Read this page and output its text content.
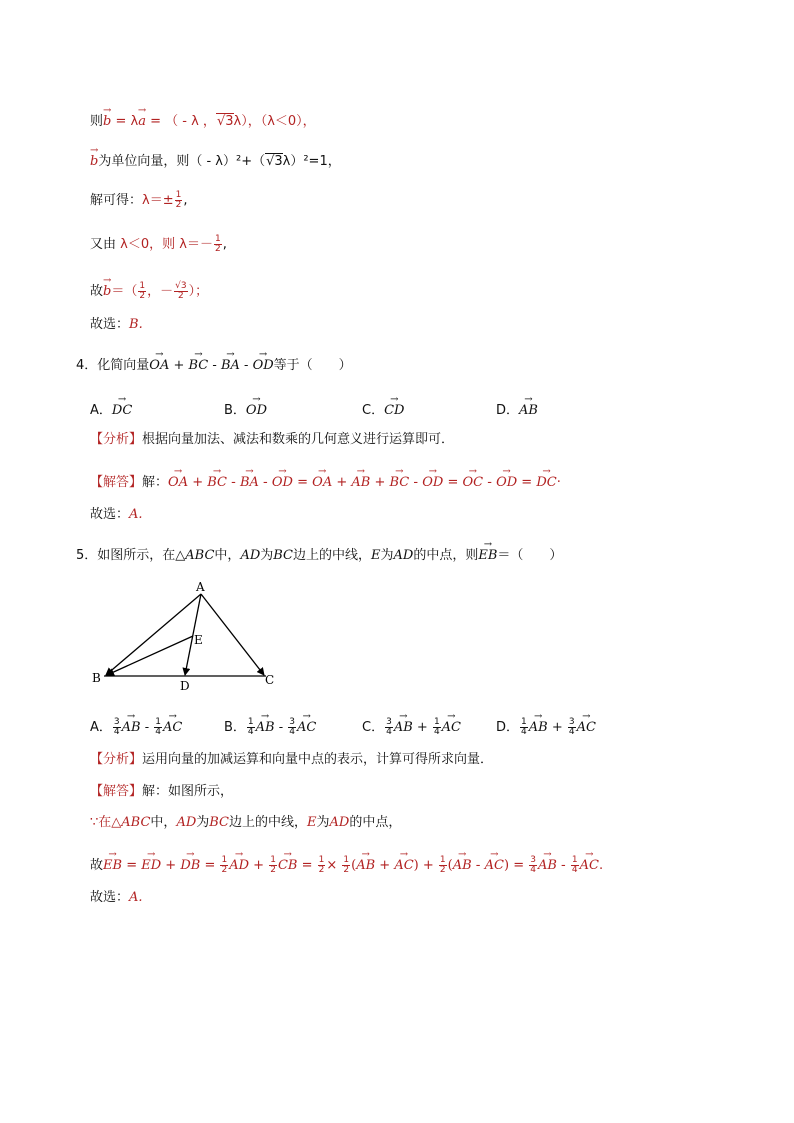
则→ b = λ→ a = （ - λ ，√3λ），（λ＜0），
→ b为单位向量，则（ - λ）²+（√3λ）²=1，
解可得：$\lambda=\pm \frac{1}{2}$ ,
又由 λ＜0，则 $\lambda=- \frac{1}{2}$ ,
故→ $b=( \frac{1}{2}$ ，－ $\frac{√3}{2}$ ）；
故选：B.
4．化简向量→ OA + → BC - → BA - → OD等于（　　）
A．→ DC	B．→ OD	C．→ CD	D．→ AB
【分析】根据向量加法、减法和数乘的几何意义进行运算即可．
【解答】解：→ OA + → BC - → BA - → OD = → OA + → AB + → BC - → OD = → OC - → OD = → DC·
故选：A.
5．如图所示，在△ABC中，AD为BC边上的中线，E为AD的中点，则→ EB＝（　　）
A
B	C
D
E
A． $\frac{3}{4}$ → AB - $\frac{1}{4}$ → AC	B． $\frac{1}{4}$ → AB - $\frac{3}{4}$ → AC	C． $\frac{3}{4}$ → AB + $\frac{1}{4}$ → AC	D． $\frac{1}{4}$ → AB + $\frac{3}{4}$ → AC
【分析】运用向量的加减运算和向量中点的表示，计算可得所求向量．
【解答】解：如图所示，
∵在△ABC中，AD为BC边上的中线，E为AD的中点，
故→ EB = → ED + → DB = $\frac{1}{2}$ → AD + $\frac{1}{2}$ → CB = $\frac{1}{2} \times \frac{1}{2}$ (→ AB + → $AC) + \frac{1}{2}$ (→ AB - → $AC) = \frac{3}{4}$ → AB - $\frac{1}{4}$ → AC.
故选：A.
